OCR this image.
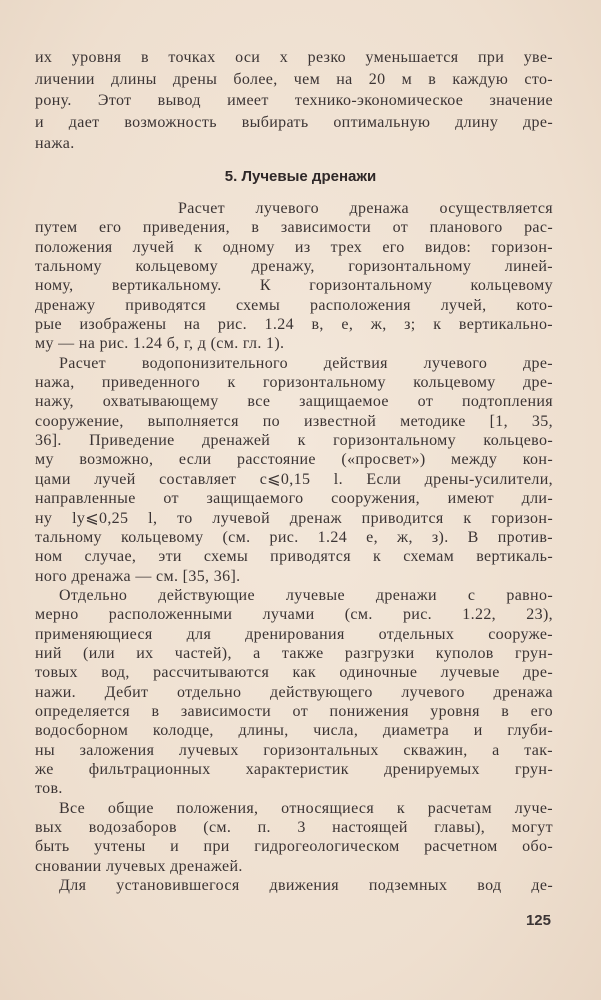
их уровня в точках оси x резко уменьшается при уве-
личении длины дрены более, чем на 20 м в каждую сто-
рону. Этот вывод имеет технико-экономическое значение
и дает возможность выбирать оптимальную длину дре-
нажа.
5. Лучевые дренажи
Расчет лучевого дренажа осуществляется
путем его приведения, в зависимости от планового рас-
положения лучей к одному из трех его видов: горизон-
тальному кольцевому дренажу, горизонтальному линей-
ному, вертикальному. К горизонтальному кольцевому
дренажу приводятся схемы расположения лучей, кото-
рые изображены на рис. 1.24 в, е, ж, з; к вертикально-
му — на рис. 1.24 б, г, д (см. гл. 1).
Расчет водопонизительного действия лучевого дре-
нажа, приведенного к горизонтальному кольцевому дре-
нажу, охватывающему все защищаемое от подтопления
сооружение, выполняется по известной методике [1, 35,
36]. Приведение дренажей к горизонтальному кольцево-
му возможно, если расстояние («просвет») между кон-
цами лучей составляет c⩽0,15 l. Если дрены-усилители,
направленные от защищаемого сооружения, имеют дли-
ну lу⩽0,25 l, то лучевой дренаж приводится к горизон-
тальному кольцевому (см. рис. 1.24 е, ж, з). В против-
ном случае, эти схемы приводятся к схемам вертикаль-
ного дренажа — см. [35, 36].
Отдельно действующие лучевые дренажи с равно-
мерно расположенными лучами (см. рис. 1.22, 23),
применяющиеся для дренирования отдельных сооруже-
ний (или их частей), а также разгрузки куполов грун-
товых вод, рассчитываются как одиночные лучевые дре-
нажи. Дебит отдельно действующего лучевого дренажа
определяется в зависимости от понижения уровня в его
водосборном колодце, длины, числа, диаметра и глуби-
ны заложения лучевых горизонтальных скважин, а так-
же фильтрационных характеристик дренируемых грун-
тов.
Все общие положения, относящиеся к расчетам луче-
вых водозаборов (см. п. 3 настоящей главы), могут
быть учтены и при гидрогеологическом расчетном обо-
сновании лучевых дренажей.
Для установившегося движения подземных вод де-
125
